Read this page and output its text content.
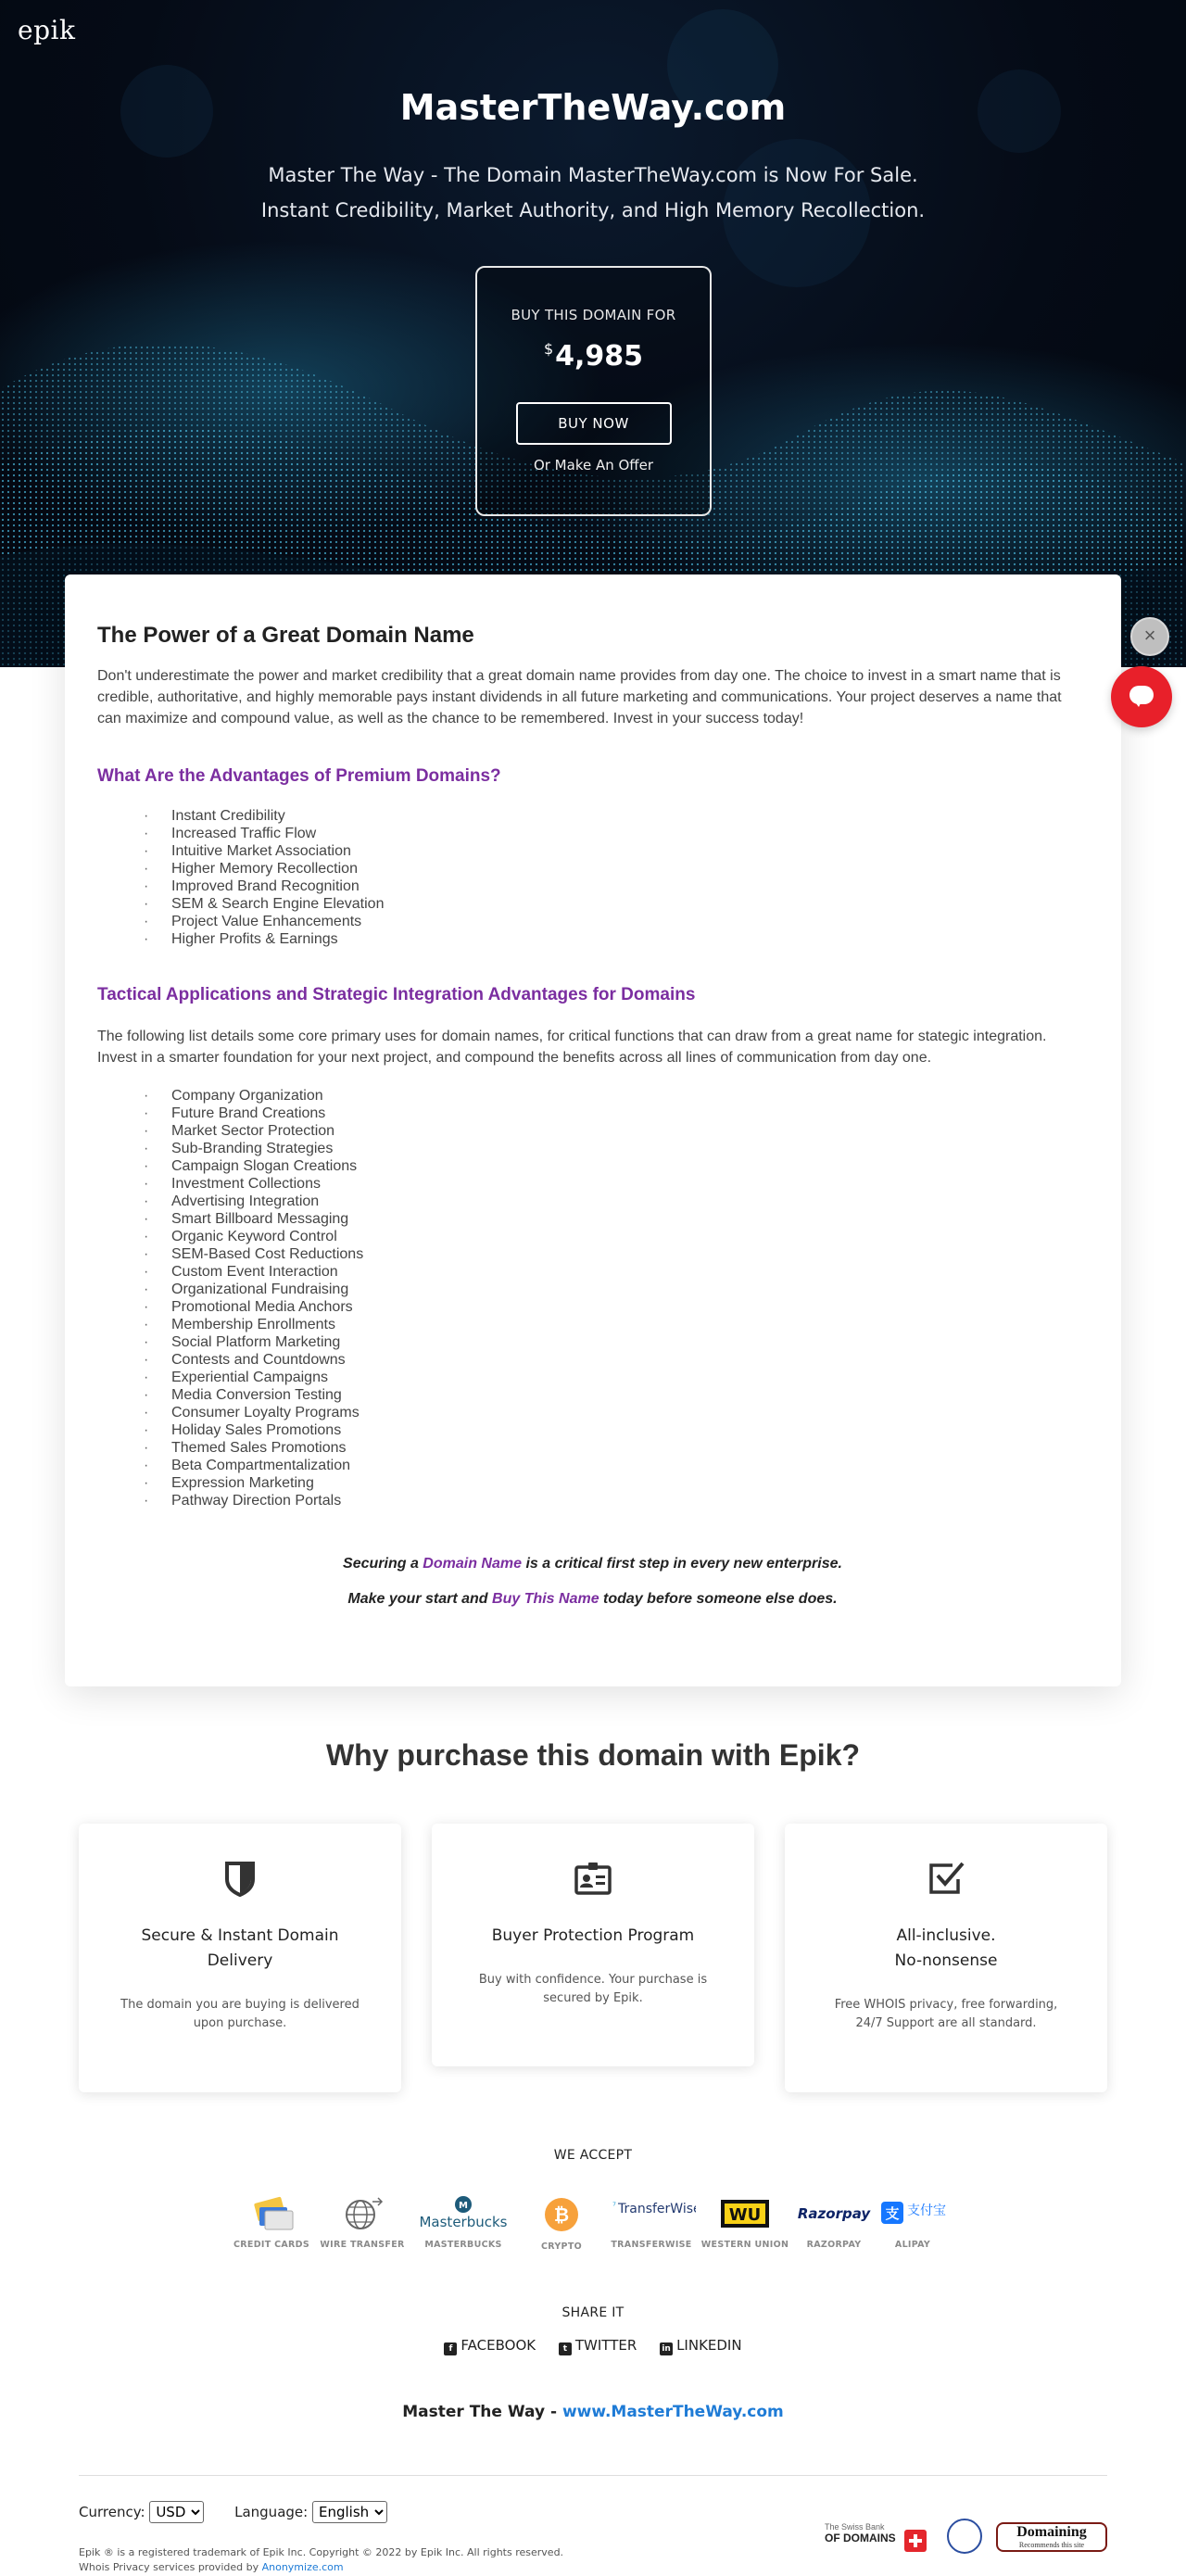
epik
MasterTheWay.com
Master The Way - The Domain MasterTheWay.com is Now For Sale.
Instant Credibility, Market Authority, and High Memory Recollection.
BUY THIS DOMAIN FOR
$4,985
BUY NOW
Or Make An Offer
The Power of a Great Domain Name

Don't underestimate the power and market credibility that a great domain name provides from day one. The choice to invest in a smart name that is credible, authoritative, and highly memorable pays instant dividends in all future marketing and communications. Your project deserves a name that can maximize and compound value, as well as the chance to be remembered. Invest in your success today!

What Are the Advantages of Premium Domains?
· Instant Credibility
· Increased Traffic Flow
· Intuitive Market Association
· Higher Memory Recollection
· Improved Brand Recognition
· SEM & Search Engine Elevation
· Project Value Enhancements
· Higher Profits & Earnings
Tactical Applications and Strategic Integration Advantages for Domains

The following list details some core primary uses for domain names, for critical functions that can draw from a great name for stategic integration. Invest in a smarter foundation for your next project, and compound the benefits across all lines of communication from day one.

· Company Organization
· Future Brand Creations
· Market Sector Protection
· Sub-Branding Strategies
· Campaign Slogan Creations
· Investment Collections
· Advertising Integration
· Smart Billboard Messaging
· Organic Keyword Control
· SEM-Based Cost Reductions
· Custom Event Interaction
· Organizational Fundraising
· Promotional Media Anchors
· Membership Enrollments
· Social Platform Marketing
· Contests and Countdowns
· Experiential Campaigns
· Media Conversion Testing
· Consumer Loyalty Programs
· Holiday Sales Promotions
· Themed Sales Promotions
· Beta Compartmentalization
· Expression Marketing
· Pathway Direction Portals
Securing a Domain Name is a critical first step in every new enterprise.
Make your start and Buy This Name today before someone else does.
×
Why purchase this domain with Epik?
Secure & Instant Domain
Delivery
The domain you are buying is delivered upon purchase.
Buyer Protection Program
Buy with confidence. Your purchase is secured by Epik.
All-inclusive.
No-nonsense
Free WHOIS privacy, free forwarding, 24/7 Support are all standard.
WE ACCEPT
CREDIT CARDS	WIRE TRANSFER
M
Masterbucks
MASTERBUCKS
₿
CRYPTO
⁷ TransferWise
TRANSFERWISE
WU
WESTERN UNION
Razorpay
RAZORPAY
支 支付宝
ALIPAY
SHARE IT
f FACEBOOK	t TWITTER	in LINKEDIN
Master The Way - www.MasterTheWay.com
Currency:
USD	Language:
English
Epik ® is a registered trademark of Epik Inc. Copyright © 2022 by Epik Inc. All rights reserved.
Whois Privacy services provided by Anonymize.com
The Swiss Bank
OF DOMAINS	Domaining
Recommends this site
